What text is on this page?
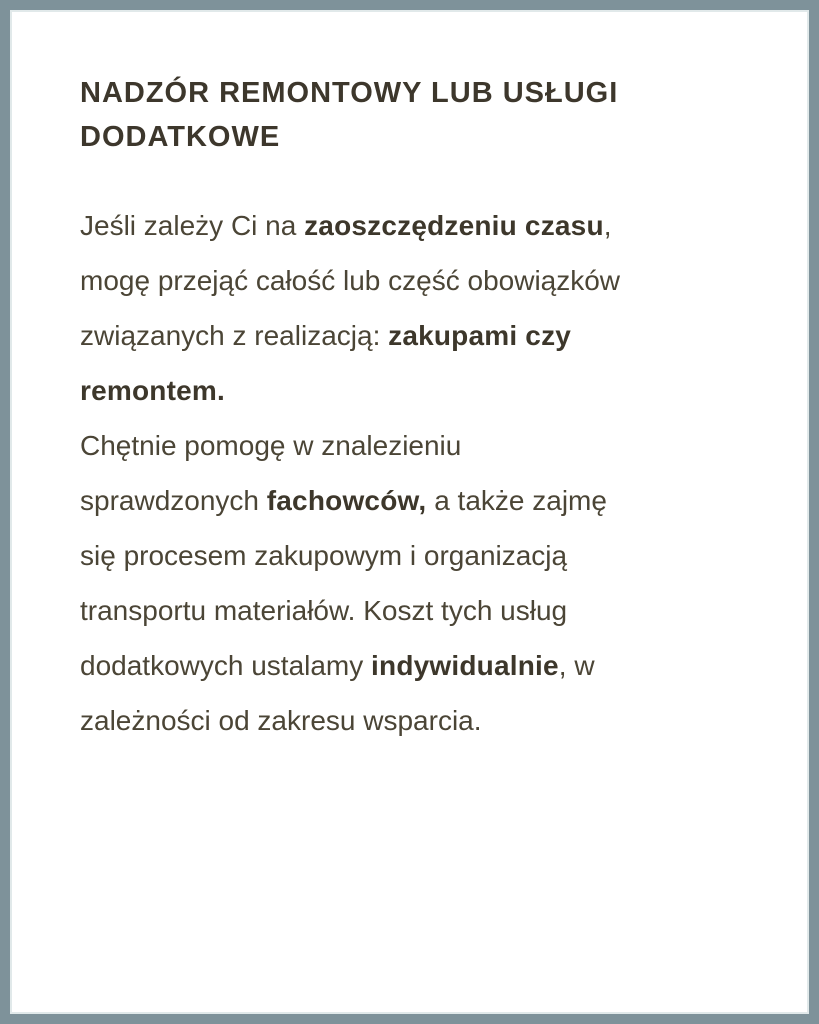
NADZÓR REMONTOWY LUB USŁUGI
DODATKOWE
Jeśli zależy Ci na zaoszczędzeniu czasu,
mogę przejąć całość lub część obowiązków
związanych z realizacją: zakupami czy
remontem.
Chętnie pomogę w znalezieniu
sprawdzonych fachowców, a także zajmę
się procesem zakupowym i organizacją
transportu materiałów. Koszt tych usług
dodatkowych ustalamy indywidualnie, w
zależności od zakresu wsparcia.
